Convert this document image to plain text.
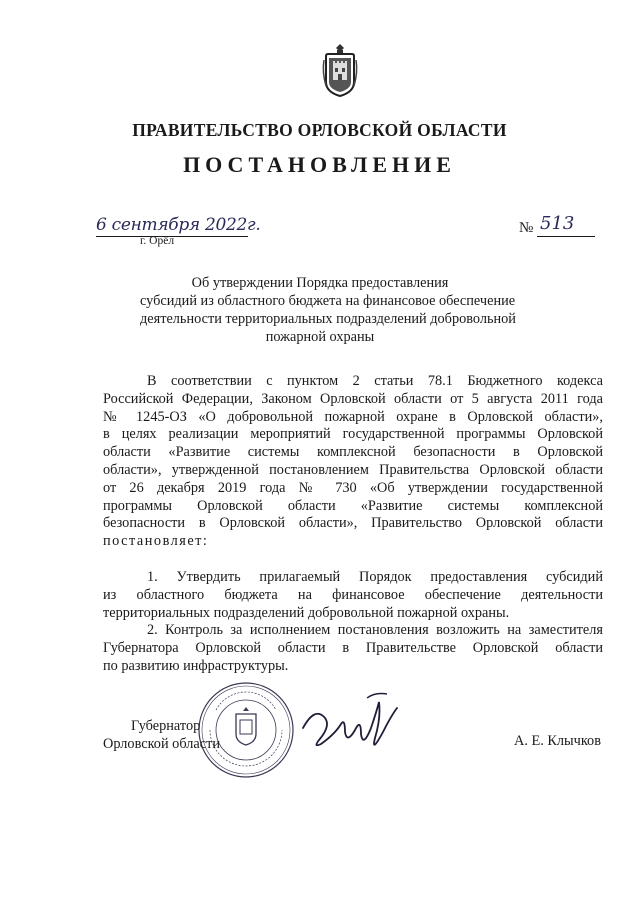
ПРАВИТЕЛЬСТВО ОРЛОВСКОЙ ОБЛАСТИ
ПОСТАНОВЛЕНИЕ
6 сентября 2022г.
г. Орёл
№ 513
Об утверждении Порядка предоставления
субсидий из областного бюджета на финансовое обеспечение
деятельности территориальных подразделений добровольной
пожарной охраны
В соответствии с пунктом 2 статьи 78.1 Бюджетного кодекса
Российской Федерации, Законом Орловской области от 5 августа 2011 года
№ 1245-ОЗ «О добровольной пожарной охране в Орловской области»,
в целях реализации мероприятий государственной программы Орловской
области «Развитие системы комплексной безопасности в Орловской
области», утвержденной постановлением Правительства Орловской области
от 26 декабря 2019 года № 730 «Об утверждении государственной
программы Орловской области «Развитие системы комплексной
безопасности в Орловской области», Правительство Орловской области
постановляет:
1. Утвердить прилагаемый Порядок предоставления субсидий
из областного бюджета на финансовое обеспечение деятельности
территориальных подразделений добровольной пожарной охраны.
2. Контроль за исполнением постановления возложить на заместителя
Губернатора Орловской области в Правительстве Орловской области
по развитию инфраструктуры.
Губернатор
Орловской области	А. Е. Клычков
